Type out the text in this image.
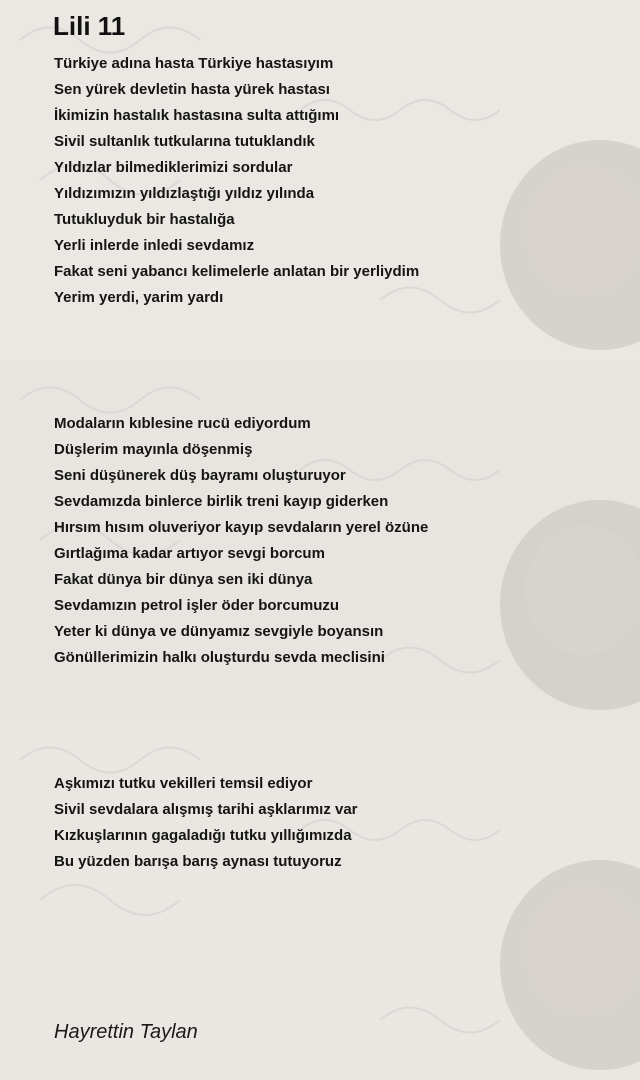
Lili 11
Türkiye adına hasta Türkiye hastasıyım
Sen yürek devletin hasta yürek hastası
İkimizin hastalık hastasına sulta attığımı
Sivil sultanlık tutkularına tutuklandık
Yıldızlar bilmediklerimizi sordular
Yıldızımızın yıldızlaştığı yıldız yılında
Tutukluyduk bir hastalığa
Yerli inlerde inledi sevdamız
Fakat seni yabancı kelimelerle anlatan bir yerliydim
Yerim yerdi, yarim yardı
Modaların kıblesine rucü ediyordum
Düşlerim mayınla döşenmiş
Seni düşünerek düş bayramı oluşturuyor
Sevdamızda binlerce birlik treni kayıp giderken
Hırsım hısım oluveriyor kayıp sevdaların yerel özüne
Gırtlağıma kadar artıyor sevgi borcum
Fakat dünya bir dünya sen iki dünya
Sevdamızın petrol işler öder borcumuzu
Yeter ki dünya ve dünyamız sevgiyle boyansın
Gönüllerimizin halkı oluşturdu sevda meclisini
Aşkımızı tutku vekilleri temsil ediyor
Sivil sevdalara alışmış tarihi aşklarımız var
Kızkuşlarının gagaladığı tutku yıllığımızda
Bu yüzden barışa barış aynası tutuyoruz
Hayrettin Taylan
